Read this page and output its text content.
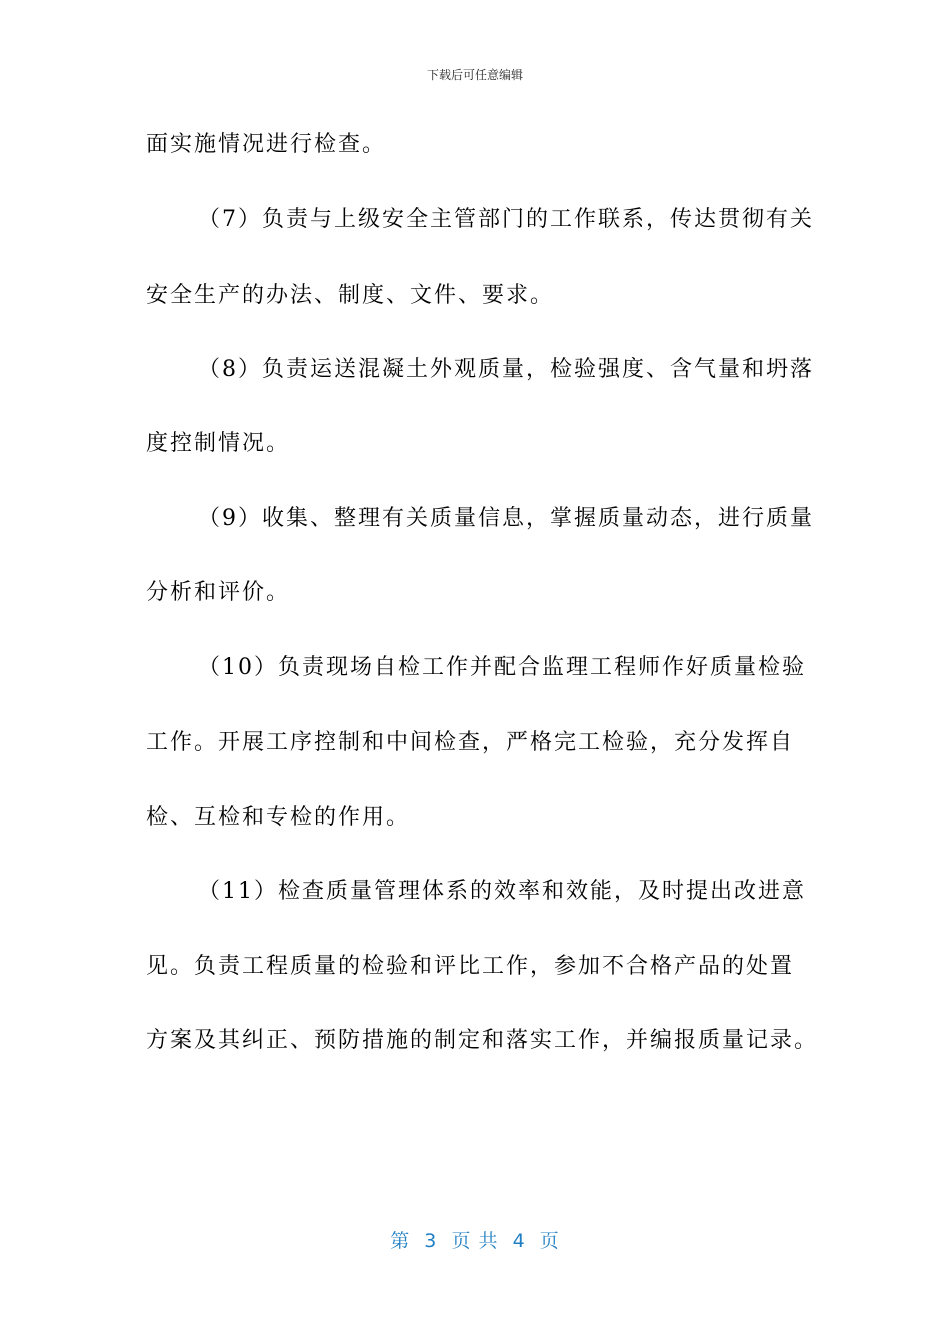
下载后可任意编辑
面实施情况进行检查。
（7）负责与上级安全主管部门的工作联系，传达贯彻有关
安全生产的办法、制度、文件、要求。
（8）负责运送混凝土外观质量，检验强度、含气量和坍落
度控制情况。
（9）收集、整理有关质量信息，掌握质量动态，进行质量
分析和评价。
（10）负责现场自检工作并配合监理工程师作好质量检验
工作。开展工序控制和中间检查，严格完工检验，充分发挥自
检、互检和专检的作用。
（11）检查质量管理体系的效率和效能，及时提出改进意
见。负责工程质量的检验和评比工作，参加不合格产品的处置
方案及其纠正、预防措施的制定和落实工作，并编报质量记录。
第  3  页 共  4  页
